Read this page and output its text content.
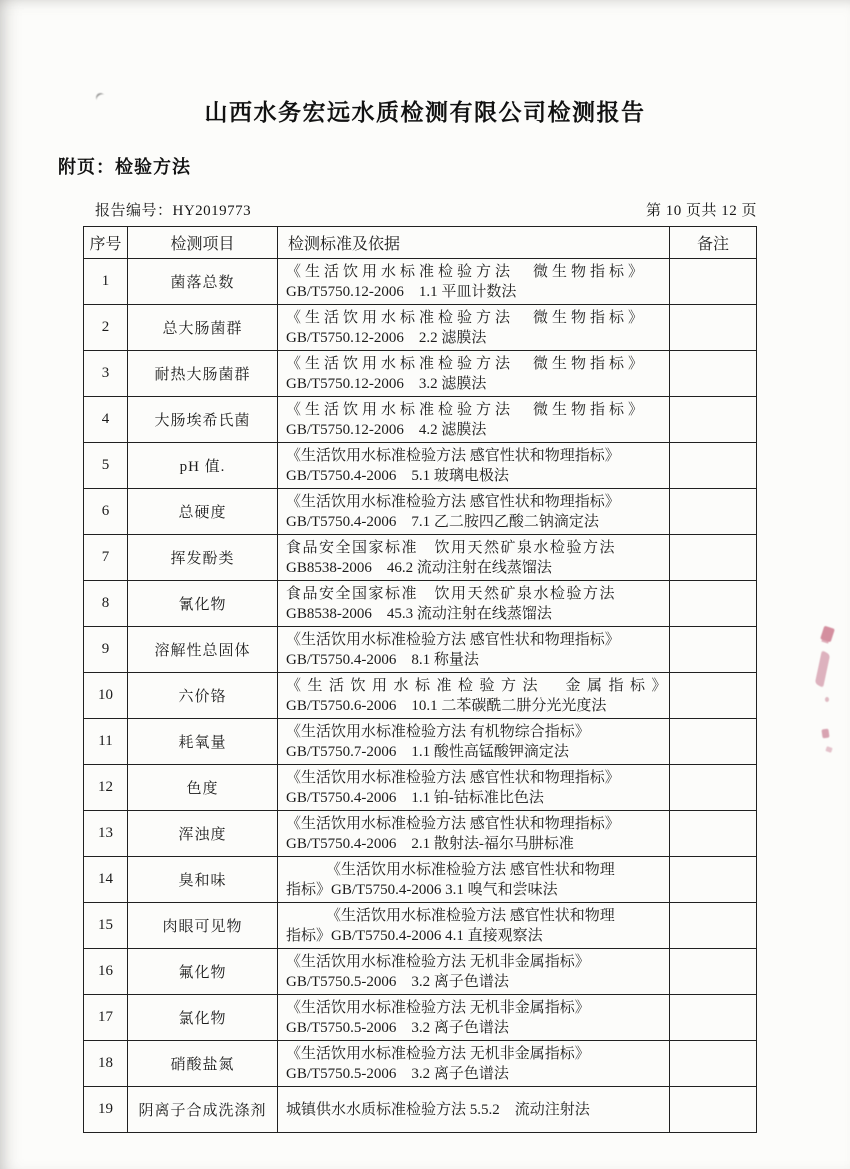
山西水务宏远水质检测有限公司检测报告
附页：检验方法
报告编号：HY2019773	第 10 页共 12 页
序号	检测项目	检测标准及依据	备注
1	菌落总数	《生活饮用水标准检验方法　微生物指标》
GB/T5750.12-2006　1.1 平皿计数法	

2	总大肠菌群	《生活饮用水标准检验方法　微生物指标》
GB/T5750.12-2006　2.2 滤膜法	

3	耐热大肠菌群	《生活饮用水标准检验方法　微生物指标》
GB/T5750.12-2006　3.2 滤膜法	

4	大肠埃希氏菌	《生活饮用水标准检验方法　微生物指标》
GB/T5750.12-2006　4.2 滤膜法	

5	pH 值.	《生活饮用水标准检验方法 感官性状和物理指标》
GB/T5750.4-2006　5.1 玻璃电极法	

6	总硬度	《生活饮用水标准检验方法 感官性状和物理指标》
GB/T5750.4-2006　7.1 乙二胺四乙酸二钠滴定法	

7	挥发酚类	食品安全国家标准　饮用天然矿泉水检验方法
GB8538-2006　46.2 流动注射在线蒸馏法	

8	氰化物	食品安全国家标准　饮用天然矿泉水检验方法
GB8538-2006　45.3 流动注射在线蒸馏法	

9	溶解性总固体	《生活饮用水标准检验方法 感官性状和物理指标》
GB/T5750.4-2006　8.1 称量法	

10	六价铬	《生活饮用水标准检验方法　金属指标》
GB/T5750.6-2006　10.1 二苯碳酰二肼分光光度法	

11	耗氧量	《生活饮用水标准检验方法 有机物综合指标》
GB/T5750.7-2006　1.1 酸性高锰酸钾滴定法	

12	色度	《生活饮用水标准检验方法 感官性状和物理指标》
GB/T5750.4-2006　1.1 铂-钴标准比色法	

13	浑浊度	《生活饮用水标准检验方法 感官性状和物理指标》
GB/T5750.4-2006　2.1 散射法-福尔马肼标准	

14	臭和味	《生活饮用水标准检验方法 感官性状和物理
指标》GB/T5750.4-2006 3.1 嗅气和尝味法	

15	肉眼可见物	《生活饮用水标准检验方法 感官性状和物理
指标》GB/T5750.4-2006 4.1 直接观察法	

16	氟化物	《生活饮用水标准检验方法 无机非金属指标》
GB/T5750.5-2006　3.2 离子色谱法	

17	氯化物	《生活饮用水标准检验方法 无机非金属指标》
GB/T5750.5-2006　3.2 离子色谱法	

18	硝酸盐氮	《生活饮用水标准检验方法 无机非金属指标》
GB/T5750.5-2006　3.2 离子色谱法	

19	阴离子合成洗涤剂	城镇供水水质标准检验方法 5.5.2　流动注射法	
